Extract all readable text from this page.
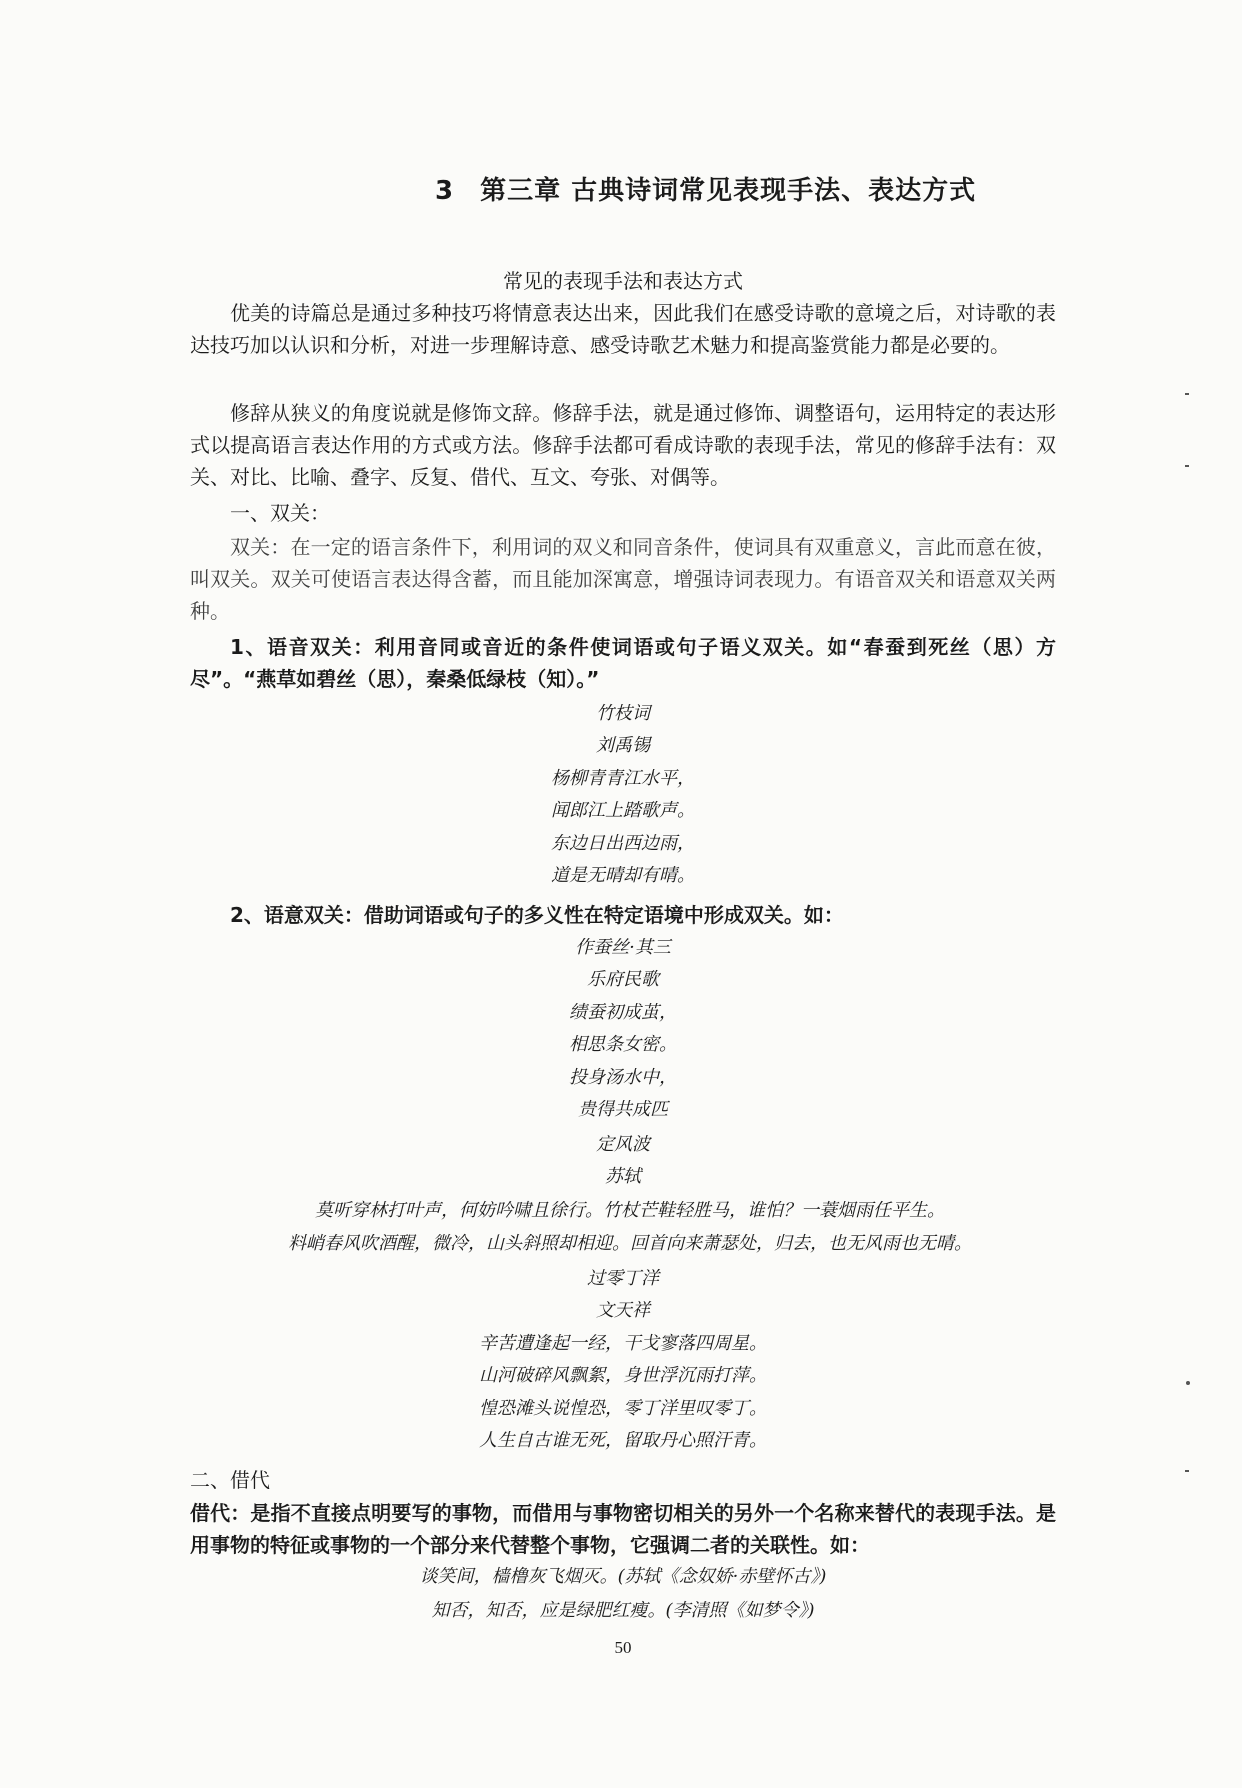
3 第三章 古典诗词常见表现手法、表达方式
常见的表现手法和表达方式
优美的诗篇总是通过多种技巧将情意表达出来，因此我们在感受诗歌的意境之后，对诗歌的表达技巧加以认识和分析，对进一步理解诗意、感受诗歌艺术魅力和提高鉴赏能力都是必要的。
修辞从狭义的角度说就是修饰文辞。修辞手法，就是通过修饰、调整语句，运用特定的表达形式以提高语言表达作用的方式或方法。修辞手法都可看成诗歌的表现手法，常见的修辞手法有：双关、对比、比喻、叠字、反复、借代、互文、夸张、对偶等。
一、双关：
双关：在一定的语言条件下，利用词的双义和同音条件，使词具有双重意义，言此而意在彼，叫双关。双关可使语言表达得含蓄，而且能加深寓意，增强诗词表现力。有语音双关和语意双关两种。
1、语音双关：利用音同或音近的条件使词语或句子语义双关。如“春蚕到死丝（思）方尽”。“燕草如碧丝（思），秦桑低绿枝（知）。”
竹枝词
刘禹锡
杨柳青青江水平，
闻郎江上踏歌声。
东边日出西边雨，
道是无晴却有晴。
2、语意双关：借助词语或句子的多义性在特定语境中形成双关。如：
作蚕丝·其三
乐府民歌
绩蚕初成茧，
相思条女密。
投身汤水中，
贵得共成匹
定风波
苏轼
莫听穿林打叶声，何妨吟啸且徐行。竹杖芒鞋轻胜马，谁怕？一蓑烟雨任平生。
料峭春风吹酒醒，微冷，山头斜照却相迎。回首向来萧瑟处，归去，也无风雨也无晴。
过零丁洋
文天祥
辛苦遭逢起一经，干戈寥落四周星。
山河破碎风飘絮，身世浮沉雨打萍。
惶恐滩头说惶恐，零丁洋里叹零丁。
人生自古谁无死，留取丹心照汗青。
二、借代
借代：是指不直接点明要写的事物，而借用与事物密切相关的另外一个名称来替代的表现手法。是用事物的特征或事物的一个部分来代替整个事物，它强调二者的关联性。如：
谈笑间，樯橹灰飞烟灭。(苏轼《念奴娇·赤壁怀古》)
知否，知否，应是绿肥红瘦。(李清照《如梦令》)
50
